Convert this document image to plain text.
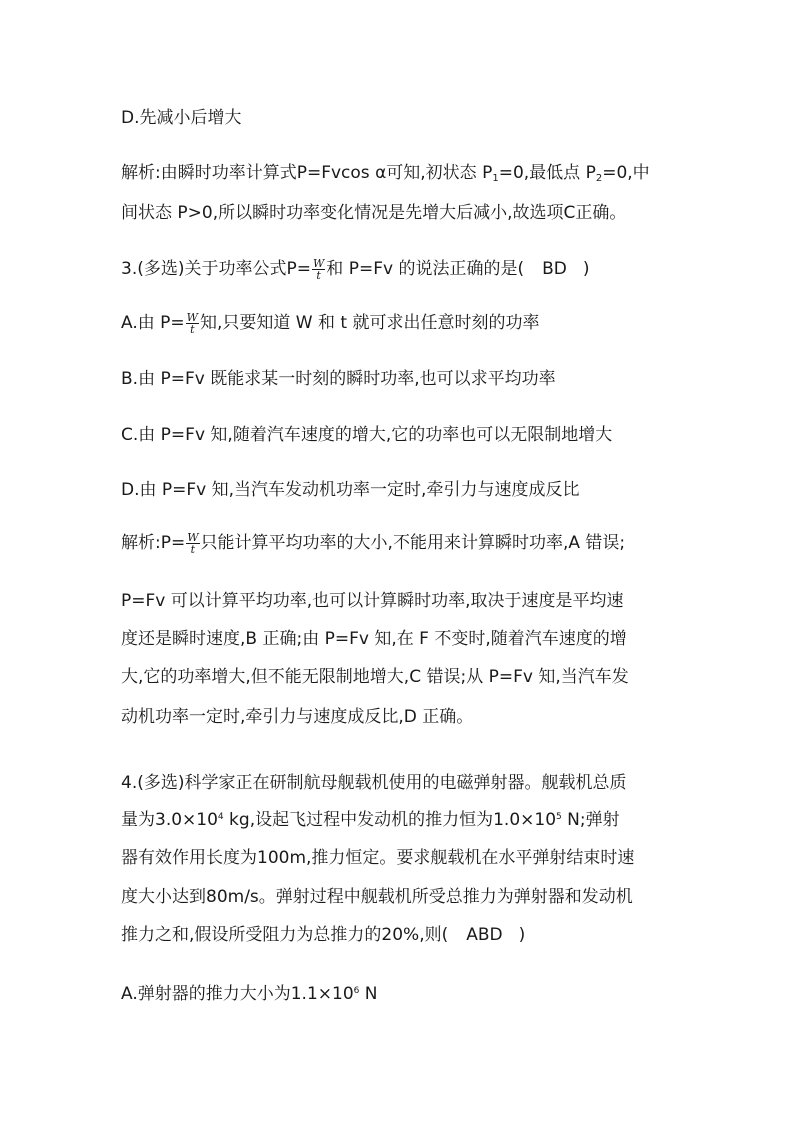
D.先减小后增大
解析:由瞬时功率计算式P=Fvcos α可知,初状态 $P_1=0$,最低点 $P_2=0$,中
间状态 P>0,所以瞬时功率变化情况是先增大后减小,故选项C正确。
3.(多选)关于功率公式$P= \frac{W}{t}$ 和 P=Fv 的说法正确的是( BD )
A.由 $P= \frac{W}{t}$ 知,只要知道 W 和 t 就可求出任意时刻的功率
B.由 P=Fv 既能求某一时刻的瞬时功率,也可以求平均功率
C.由 P=Fv 知,随着汽车速度的增大,它的功率也可以无限制地增大
D.由 P=Fv 知,当汽车发动机功率一定时,牵引力与速度成反比
解析:P= $\frac{W}{t}$ 只能计算平均功率的大小,不能用来计算瞬时功率,A 错误;
P=Fv 可以计算平均功率,也可以计算瞬时功率,取决于速度是平均速
度还是瞬时速度,B 正确;由 P=Fv 知,在 F 不变时,随着汽车速度的增
大,它的功率增大,但不能无限制地增大,C 错误;从 P=Fv 知,当汽车发
动机功率一定时,牵引力与速度成反比,D 正确。
4.(多选)科学家正在研制航母舰载机使用的电磁弹射器。舰载机总质
量为$3.0\times 10^4$ kg,设起飞过程中发动机的推力恒为$1.0\times 10^5$ N;弹射
器有效作用长度为100m,推力恒定。要求舰载机在水平弹射结束时速
度大小达到80m/s。弹射过程中舰载机所受总推力为弹射器和发动机
推力之和,假设所受阻力为总推力的20%,则( ABD )
A.弹射器的推力大小为$1.1\times 10^6$ N
